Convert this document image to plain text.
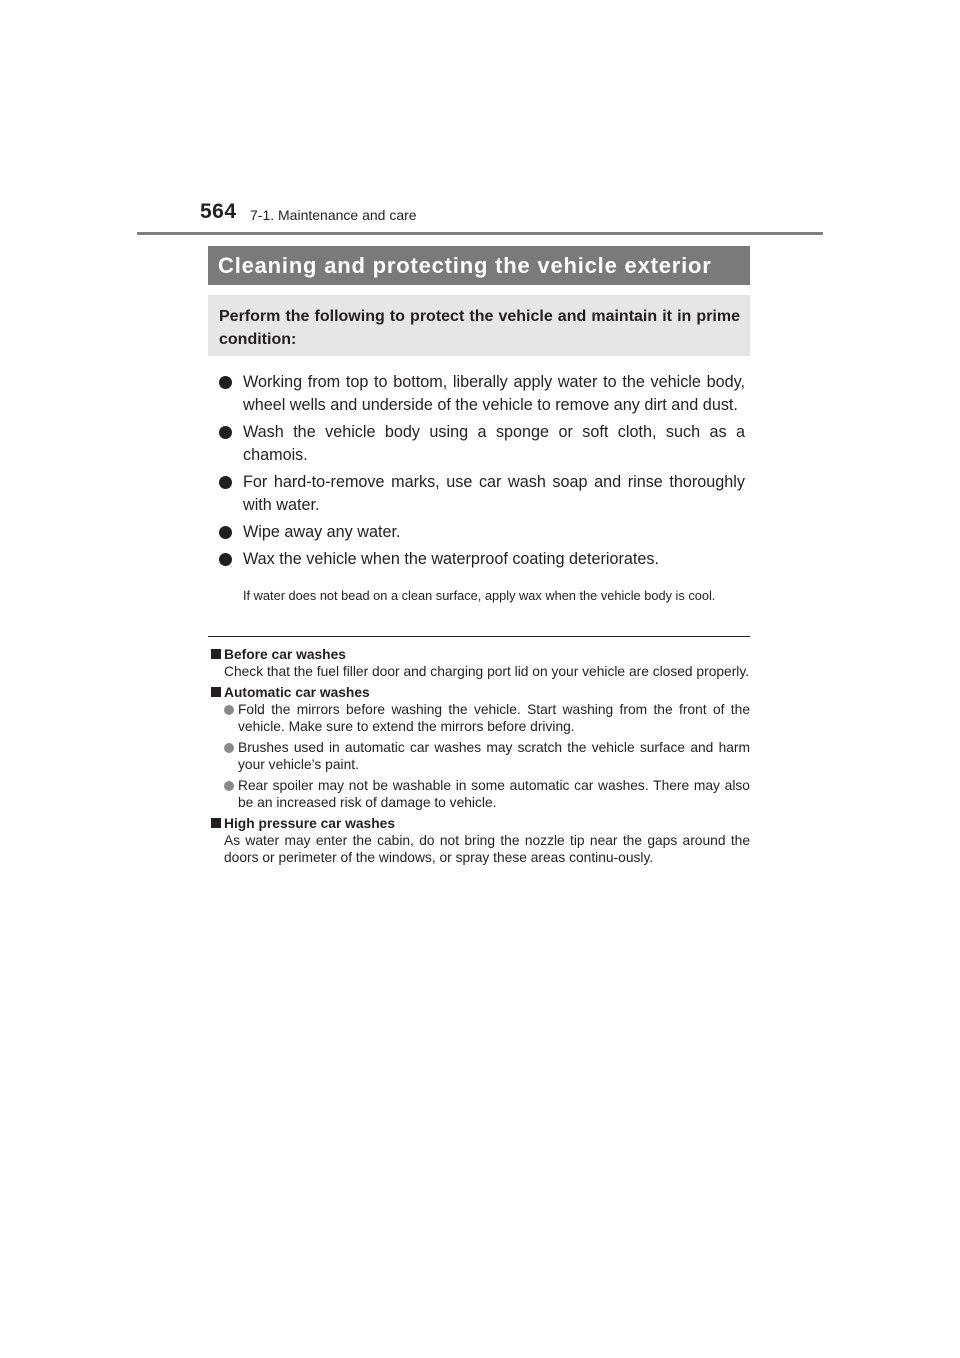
564 7-1. Maintenance and care
Cleaning and protecting the vehicle exterior
Perform the following to protect the vehicle and maintain it in prime condition:
Working from top to bottom, liberally apply water to the vehicle body, wheel wells and underside of the vehicle to remove any dirt and dust.
Wash the vehicle body using a sponge or soft cloth, such as a chamois.
For hard-to-remove marks, use car wash soap and rinse thoroughly with water.
Wipe away any water.
Wax the vehicle when the waterproof coating deteriorates.
If water does not bead on a clean surface, apply wax when the vehicle body is cool.
Before car washes
Check that the fuel filler door and charging port lid on your vehicle are closed properly.
Automatic car washes
Fold the mirrors before washing the vehicle. Start washing from the front of the vehicle. Make sure to extend the mirrors before driving.
Brushes used in automatic car washes may scratch the vehicle surface and harm your vehicle’s paint.
Rear spoiler may not be washable in some automatic car washes. There may also be an increased risk of damage to vehicle.
High pressure car washes
As water may enter the cabin, do not bring the nozzle tip near the gaps around the doors or perimeter of the windows, or spray these areas continu-ously.
